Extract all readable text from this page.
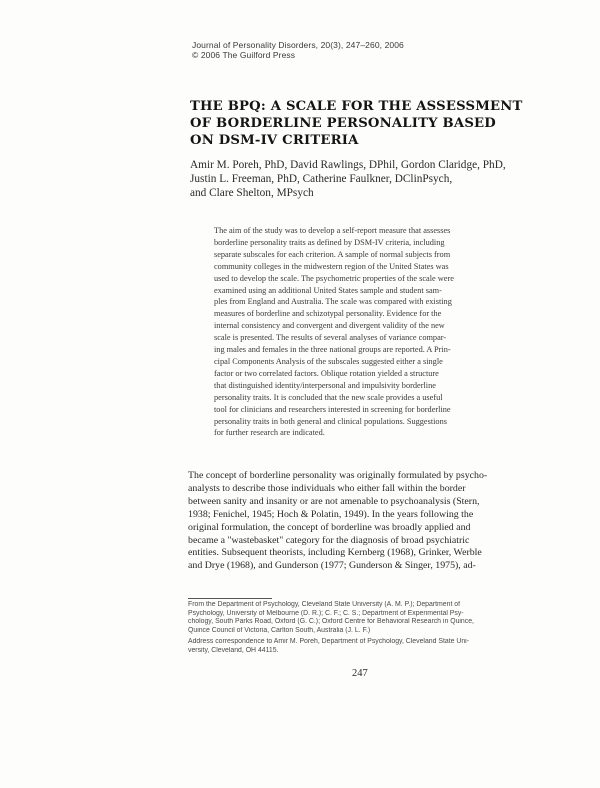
Journal of Personality Disorders, 20(3), 247–260, 2006
© 2006 The Guilford Press
THE BPQ: A SCALE FOR THE ASSESSMENT
OF BORDERLINE PERSONALITY BASED
ON DSM-IV CRITERIA
Amir M. Poreh, PhD, David Rawlings, DPhil, Gordon Claridge, PhD,
Justin L. Freeman, PhD, Catherine Faulkner, DClinPsych,
and Clare Shelton, MPsych
The aim of the study was to develop a self-report measure that assesses
borderline personality traits as defined by DSM-IV criteria, including
separate subscales for each criterion. A sample of normal subjects from
community colleges in the midwestern region of the United States was
used to develop the scale. The psychometric properties of the scale were
examined using an additional United States sample and student sam-
ples from England and Australia. The scale was compared with existing
measures of borderline and schizotypal personality. Evidence for the
internal consistency and convergent and divergent validity of the new
scale is presented. The results of several analyses of variance compar-
ing males and females in the three national groups are reported. A Prin-
cipal Components Analysis of the subscales suggested either a single
factor or two correlated factors. Oblique rotation yielded a structure
that distinguished identity/interpersonal and impulsivity borderline
personality traits. It is concluded that the new scale provides a useful
tool for clinicians and researchers interested in screening for borderline
personality traits in both general and clinical populations. Suggestions
for further research are indicated.
The concept of borderline personality was originally formulated by psycho-
analysts to describe those individuals who either fall within the border
between sanity and insanity or are not amenable to psychoanalysis (Stern,
1938; Fenichel, 1945; Hoch & Polatin, 1949). In the years following the
original formulation, the concept of borderline was broadly applied and
became a "wastebasket" category for the diagnosis of broad psychiatric
entities. Subsequent theorists, including Kernberg (1968), Grinker, Werble
and Drye (1968), and Gunderson (1977; Gunderson & Singer, 1975), ad-
From the Department of Psychology, Cleveland State University (A. M. P.); Department of
Psychology, University of Melbourne (D. R.); C. F.; C. S.; Department of Experimental Psy-
chology, South Parks Road, Oxford (G. C.); Oxford Centre for Behavioral Research in Quince,
Quince Council of Victoria, Carlton South, Australia (J. L. F.)
Address correspondence to Amir M. Poreh, Department of Psychology, Cleveland State Uni-
versity, Cleveland, OH 44115.
247
